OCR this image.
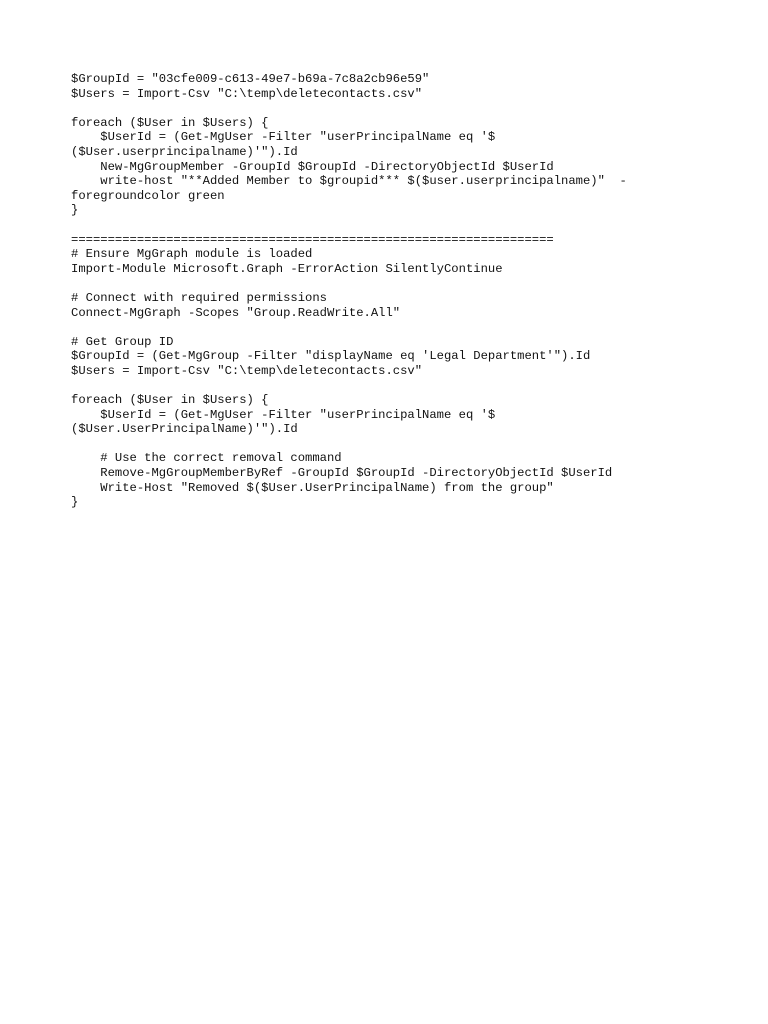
$GroupId = "03cfe009-c613-49e7-b69a-7c8a2cb96e59"
$Users = Import-Csv "C:\temp\deletecontacts.csv"
foreach ($User in $Users) {
$UserId = (Get-MgUser -Filter "userPrincipalName eq '$
($User.userprincipalname)'").Id
New-MgGroupMember -GroupId $GroupId -DirectoryObjectId $UserId
write-host "**Added Member to $groupid*** $($user.userprincipalname)"  -
foregroundcolor green
}
==================================================================
# Ensure MgGraph module is loaded
Import-Module Microsoft.Graph -ErrorAction SilentlyContinue
# Connect with required permissions
Connect-MgGraph -Scopes "Group.ReadWrite.All"
# Get Group ID
$GroupId = (Get-MgGroup -Filter "displayName eq 'Legal Department'").Id
$Users = Import-Csv "C:\temp\deletecontacts.csv"
foreach ($User in $Users) {
$UserId = (Get-MgUser -Filter "userPrincipalName eq '$
($User.UserPrincipalName)'").Id
# Use the correct removal command
Remove-MgGroupMemberByRef -GroupId $GroupId -DirectoryObjectId $UserId
Write-Host "Removed $($User.UserPrincipalName) from the group"
}
